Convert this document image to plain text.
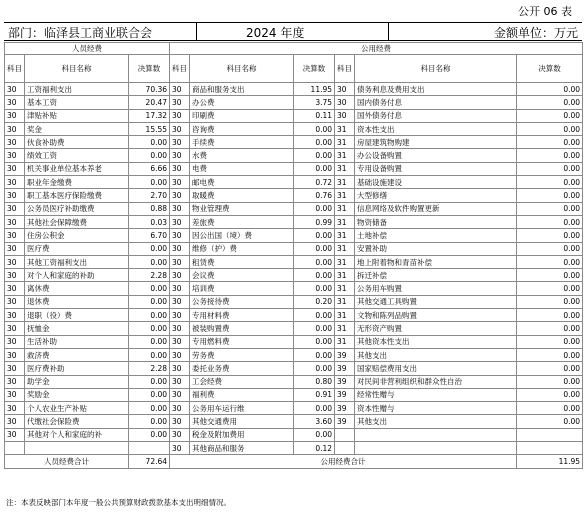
公开 06 表
部门：临泽县工商业联合会	2024 年度	金额单位：万元
人员经费			公用经费					
科目	科目名称	决算数	科目	科目名称	决算数	科目	科目名称	决算数
30	工资福利支出	70.36	30	商品和服务支出	11.95	30	债务利息及费用支出	0.00
30	基本工资	20.47	30	办公费	3.75	30	国内债务付息	0.00
30	津贴补贴	17.32	30	印刷费	0.11	30	国外债务付息	0.00
30	奖金	15.55	30	咨询费	0.00	31	资本性支出	0.00
30	伙食补助费	0.00	30	手续费	0.00	31	房屋建筑物购建	0.00
30	绩效工资	0.00	30	水费	0.00	31	办公设备购置	0.00
30	机关事业单位基本养老	6.66	30	电费	0.00	31	专用设备购置	0.00
30	职业年金缴费	0.00	30	邮电费	0.72	31	基础设施建设	0.00
30	职工基本医疗保险缴费	2.70	30	取暖费	0.76	31	大型修缮	0.00
30	公务员医疗补助缴费	0.88	30	物业管理费	0.00	31	信息网络及软件购置更新	0.00
30	其他社会保障缴费	0.03	30	差旅费	0.99	31	物资储备	0.00
30	住房公积金	6.70	30	因公出国（境）费	0.00	31	土地补偿	0.00
30	医疗费	0.00	30	维修（护）费	0.00	31	安置补助	0.00
30	其他工资福利支出	0.00	30	租赁费	0.00	31	地上附着物和青苗补偿	0.00
30	对个人和家庭的补助	2.28	30	会议费	0.00	31	拆迁补偿	0.00
30	离休费	0.00	30	培训费	0.00	31	公务用车购置	0.00
30	退休费	0.00	30	公务接待费	0.20	31	其他交通工具购置	0.00
30	退职（役）费	0.00	30	专用材料费	0.00	31	文物和陈列品购置	0.00
30	抚恤金	0.00	30	被装购置费	0.00	31	无形资产购置	0.00
30	生活补助	0.00	30	专用燃料费	0.00	31	其他资本性支出	0.00
30	救济费	0.00	30	劳务费	0.00	39	其他支出	0.00
30	医疗费补助	2.28	30	委托业务费	0.00	39	国家赔偿费用支出	0.00
30	助学金	0.00	30	工会经费	0.80	39	对民间非营利组织和群众性自治	0.00
30	奖励金	0.00	30	福利费	0.91	39	经常性赠与	0.00
30	个人农业生产补贴	0.00	30	公务用车运行维	0.00	39	资本性赠与	0.00
30	代缴社会保险费	0.00	30	其他交通费用	3.60	39	其他支出	0.00
30	其他对个人和家庭的补	0.00	30	税金及附加费用	0.00			
			30	其他商品和服务	0.12			
人员经费合计		72.64	公用经费合计					11.95
注：本表反映部门本年度一般公共预算财政拨款基本支出明细情况。
